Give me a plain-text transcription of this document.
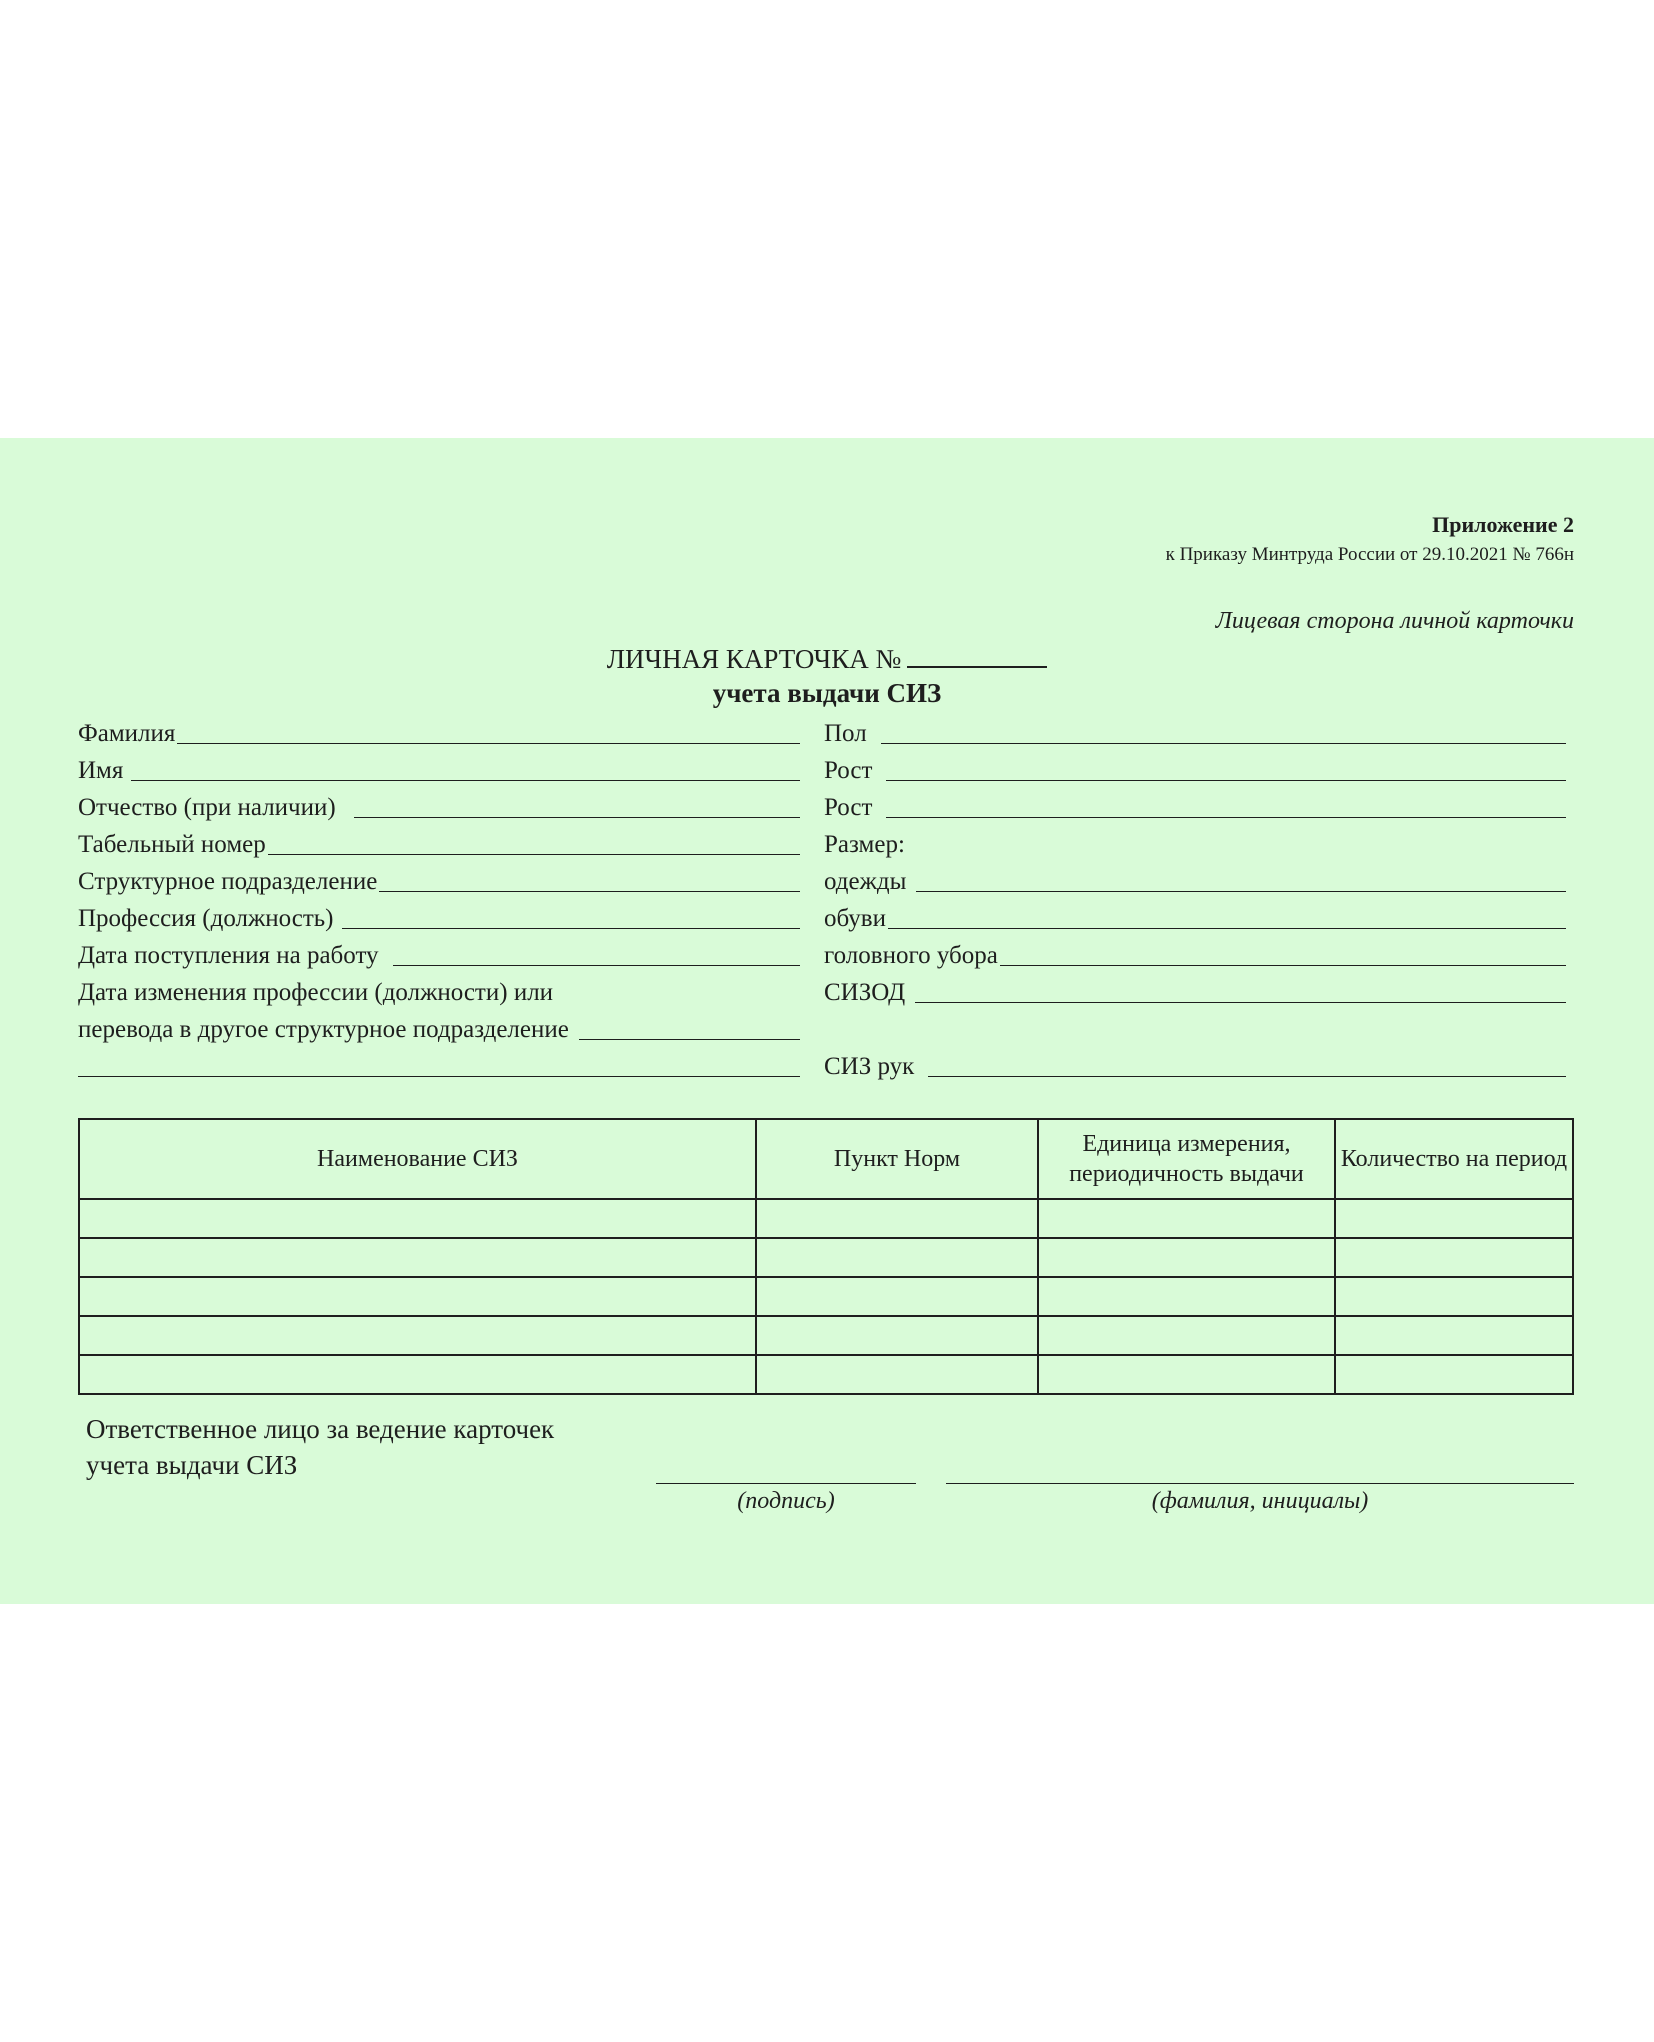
Приложение 2
к Приказу Минтруда России от 29.10.2021 № 766н
Лицевая сторона личной карточки
ЛИЧНАЯ КАРТОЧКА №
учета выдачи СИЗ
Фамилия
Имя
Отчество (при наличии)
Табельный номер
Структурное подразделение
Профессия (должность)
Дата поступления на работу
Дата изменения профессии (должности) или
перевода в другое структурное подразделение
Пол
Рост
Рост
Размер:
одежды
обуви
головного убора
СИЗОД
СИЗ рук
Наименование СИЗ	Пункт Норм	Единица измерения, периодичность выдачи	Количество на период

Ответственное лицо за ведение карточек
учета выдачи СИЗ
(подпись)	(фамилия, инициалы)
